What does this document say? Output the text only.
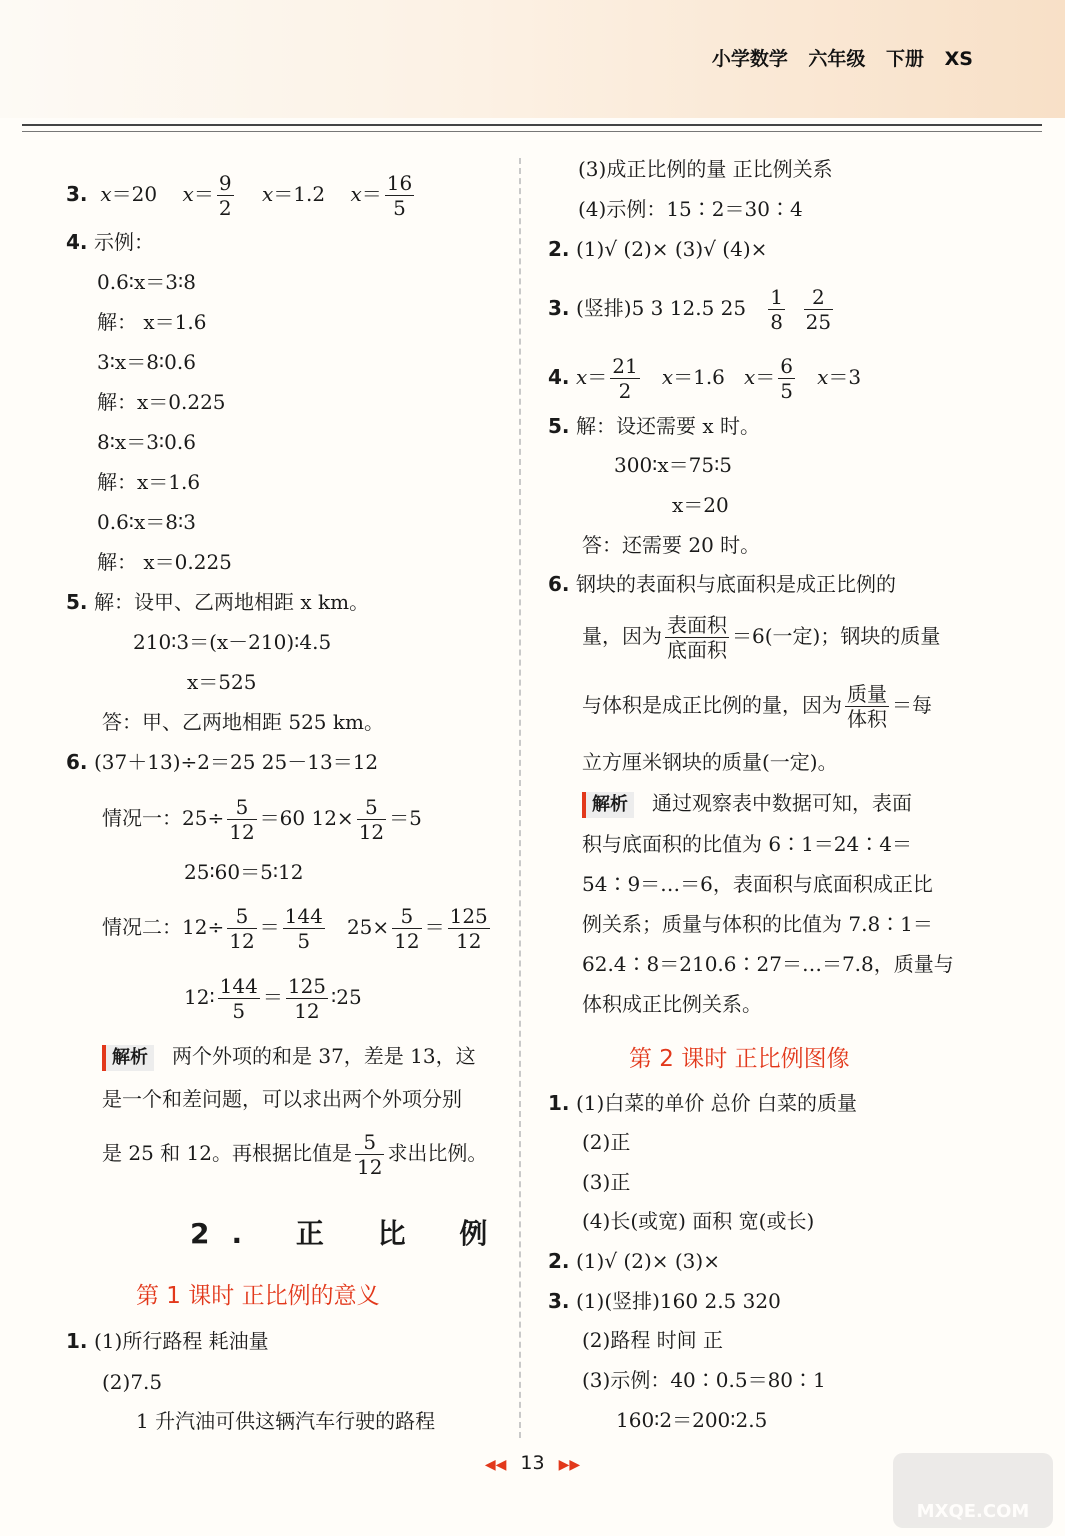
小学数学 六年级 下册 XS
3. x＝20 $x= \frac{9}{2} x=1.2$ $x= \frac{16}{5}$
4. 示例：
0.6∶x＝3∶8
解： x＝1.6
3∶x＝8∶0.6
解：x＝0.225
8∶x＝3∶0.6
解：x＝1.6
0.6∶x＝8∶3
解： x＝0.225
5. 解：设甲、乙两地相距 x km。
210∶3＝(x－210)∶4.5
x＝525
答：甲、乙两地相距 525 km。
6. (37＋13)÷2＝25 25－13＝12
情况一：$25\div \frac{5}{12} =60$ $12\times \frac{5}{12} =5$
25∶60＝5∶12
情况二：$12\div \frac{5}{12} = \frac{144}{5} 25\times \frac{5}{12} = \frac{125}{12}$
12∶ $\frac{144}{5} = \frac{125}{12}$ ∶25
解析 两个外项的和是 37，差是 13，这
是一个和差问题，可以求出两个外项分别
是 25 和 12。再根据比值是 $\frac{5}{12}$ 求出比例。
2. 正 比 例
第 1 课时 正比例的意义
1. (1)所行路程 耗油量
(2)7.5
1 升汽油可供这辆汽车行驶的路程
(3)成正比例的量 正比例关系
(4)示例：15∶2＝30∶4
2. (1)√ (2)× (3)√ (4)×
3. (竖排)5 3 12.5 $25 \frac{1}{8}$
$\frac{2}{25}$
4. $x= \frac{21}{2} x=1.6$ $x= \frac{6}{5} x=3$
5. 解：设还需要 x 时。
300∶x＝75∶5
x＝20
答：还需要 20 时。
6. 钢块的表面积与底面积是成正比例的
量，因为 $\frac{\text{表面积}}{\text{底面积}} =6$(一定)；钢块的质量
与体积是成正比例的量，因为 $\frac{\text{质量}}{\text{体积}}$ ＝每
立方厘米钢块的质量(一定)。
解析 通过观察表中数据可知，表面
积与底面积的比值为 6∶1＝24∶4＝
54∶9＝…＝6，表面积与底面积成正比
例关系；质量与体积的比值为 7.8∶1＝
62.4∶8＝210.6∶27＝…＝7.8，质量与
体积成正比例关系。
第 2 课时 正比例图像
1. (1)白菜的单价 总价 白菜的质量
(2)正
(3)正
(4)长(或宽) 面积 宽(或长)
2. (1)√ (2)× (3)×
3. (1)(竖排)160 2.5 320
(2)路程 时间 正
(3)示例：40∶0.5＝80∶1
160∶2＝200∶2.5
◀◀ 13 ▶▶
MXQE.COM
